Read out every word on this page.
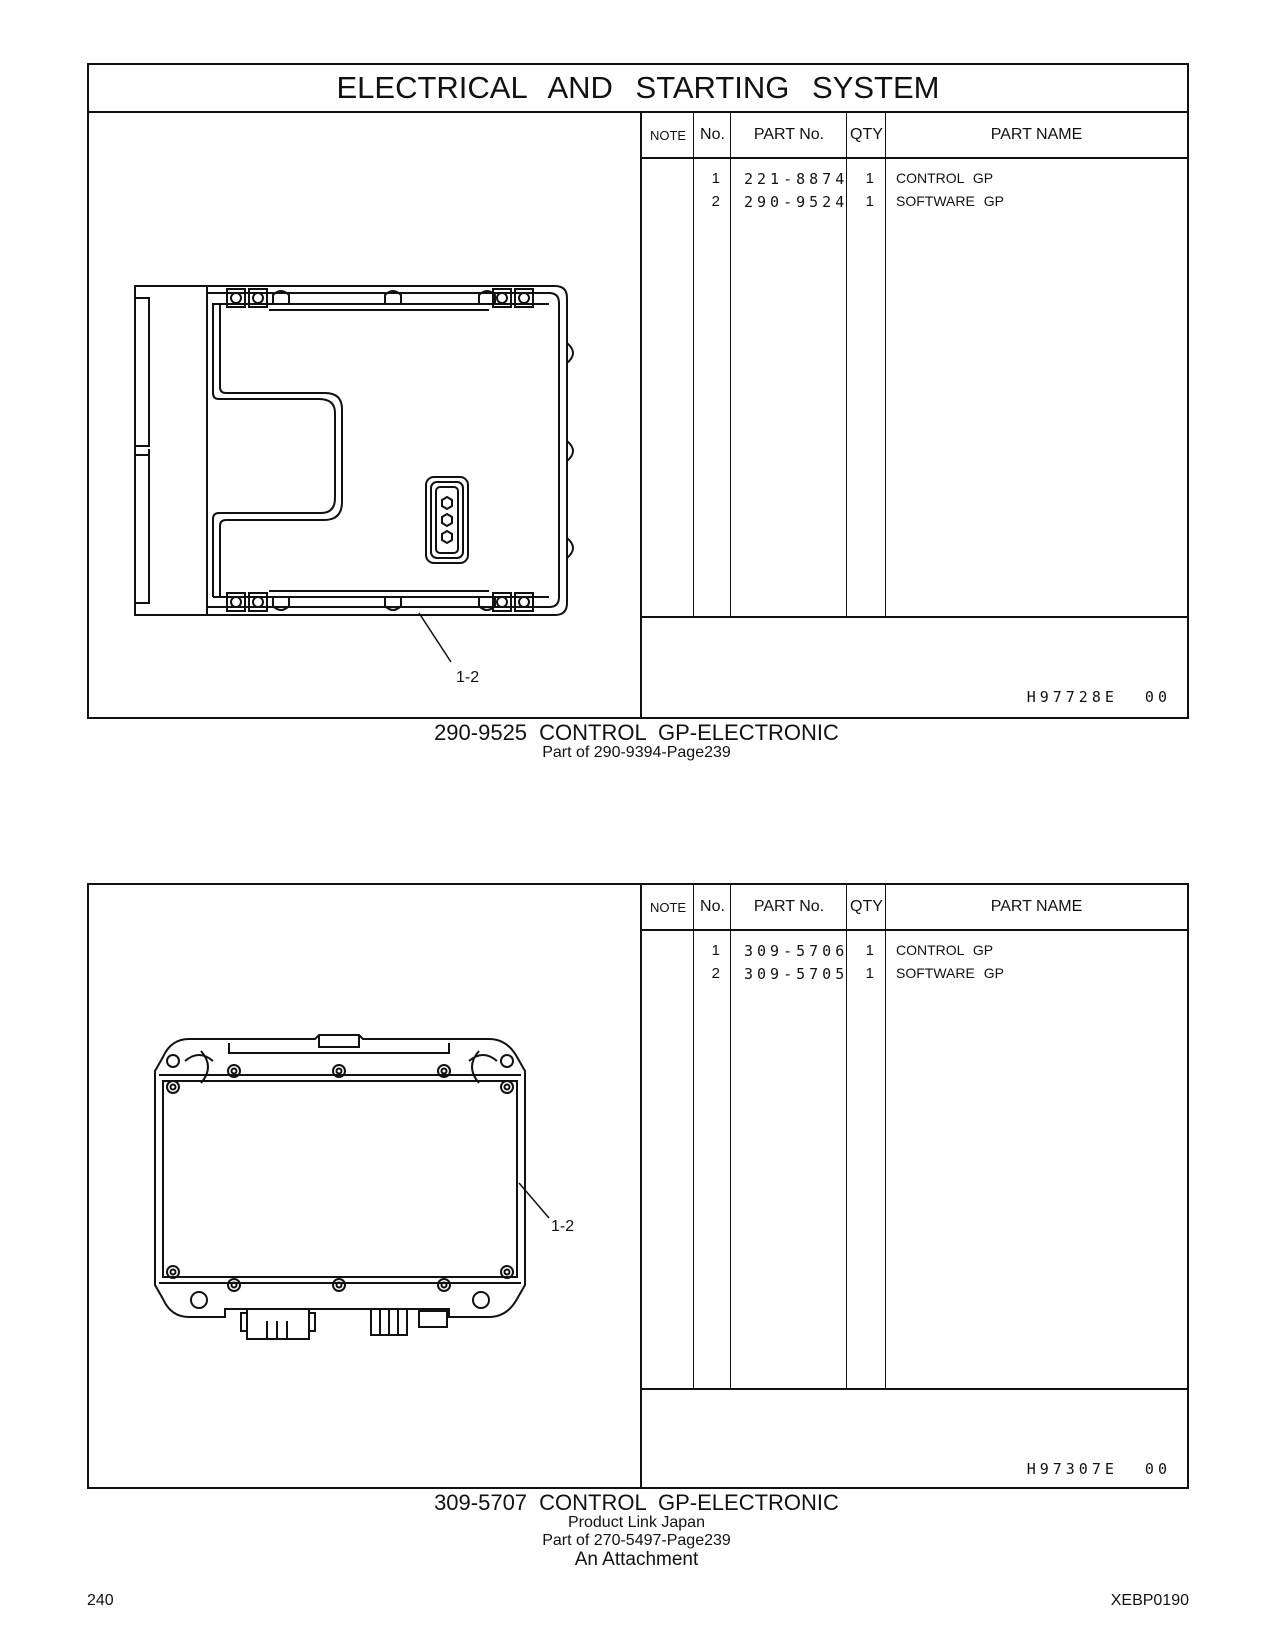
ELECTRICAL AND STARTING SYSTEM
1-2
NOTE No.	PART No.	QTY	PART NAME
1 221-8874	1 CONTROL GP
2 290-9524	1 SOFTWARE GP
H97728E 00
290-9525 CONTROL GP-ELECTRONIC
Part of 290-9394-Page239
1-2
NOTE No.	PART No.	QTY	PART NAME
1 309-5706	1 CONTROL GP
2 309-5705	1 SOFTWARE GP
H97307E 00
309-5707 CONTROL GP-ELECTRONIC
Product Link Japan
Part of 270-5497-Page239
An Attachment
240	XEBP0190
